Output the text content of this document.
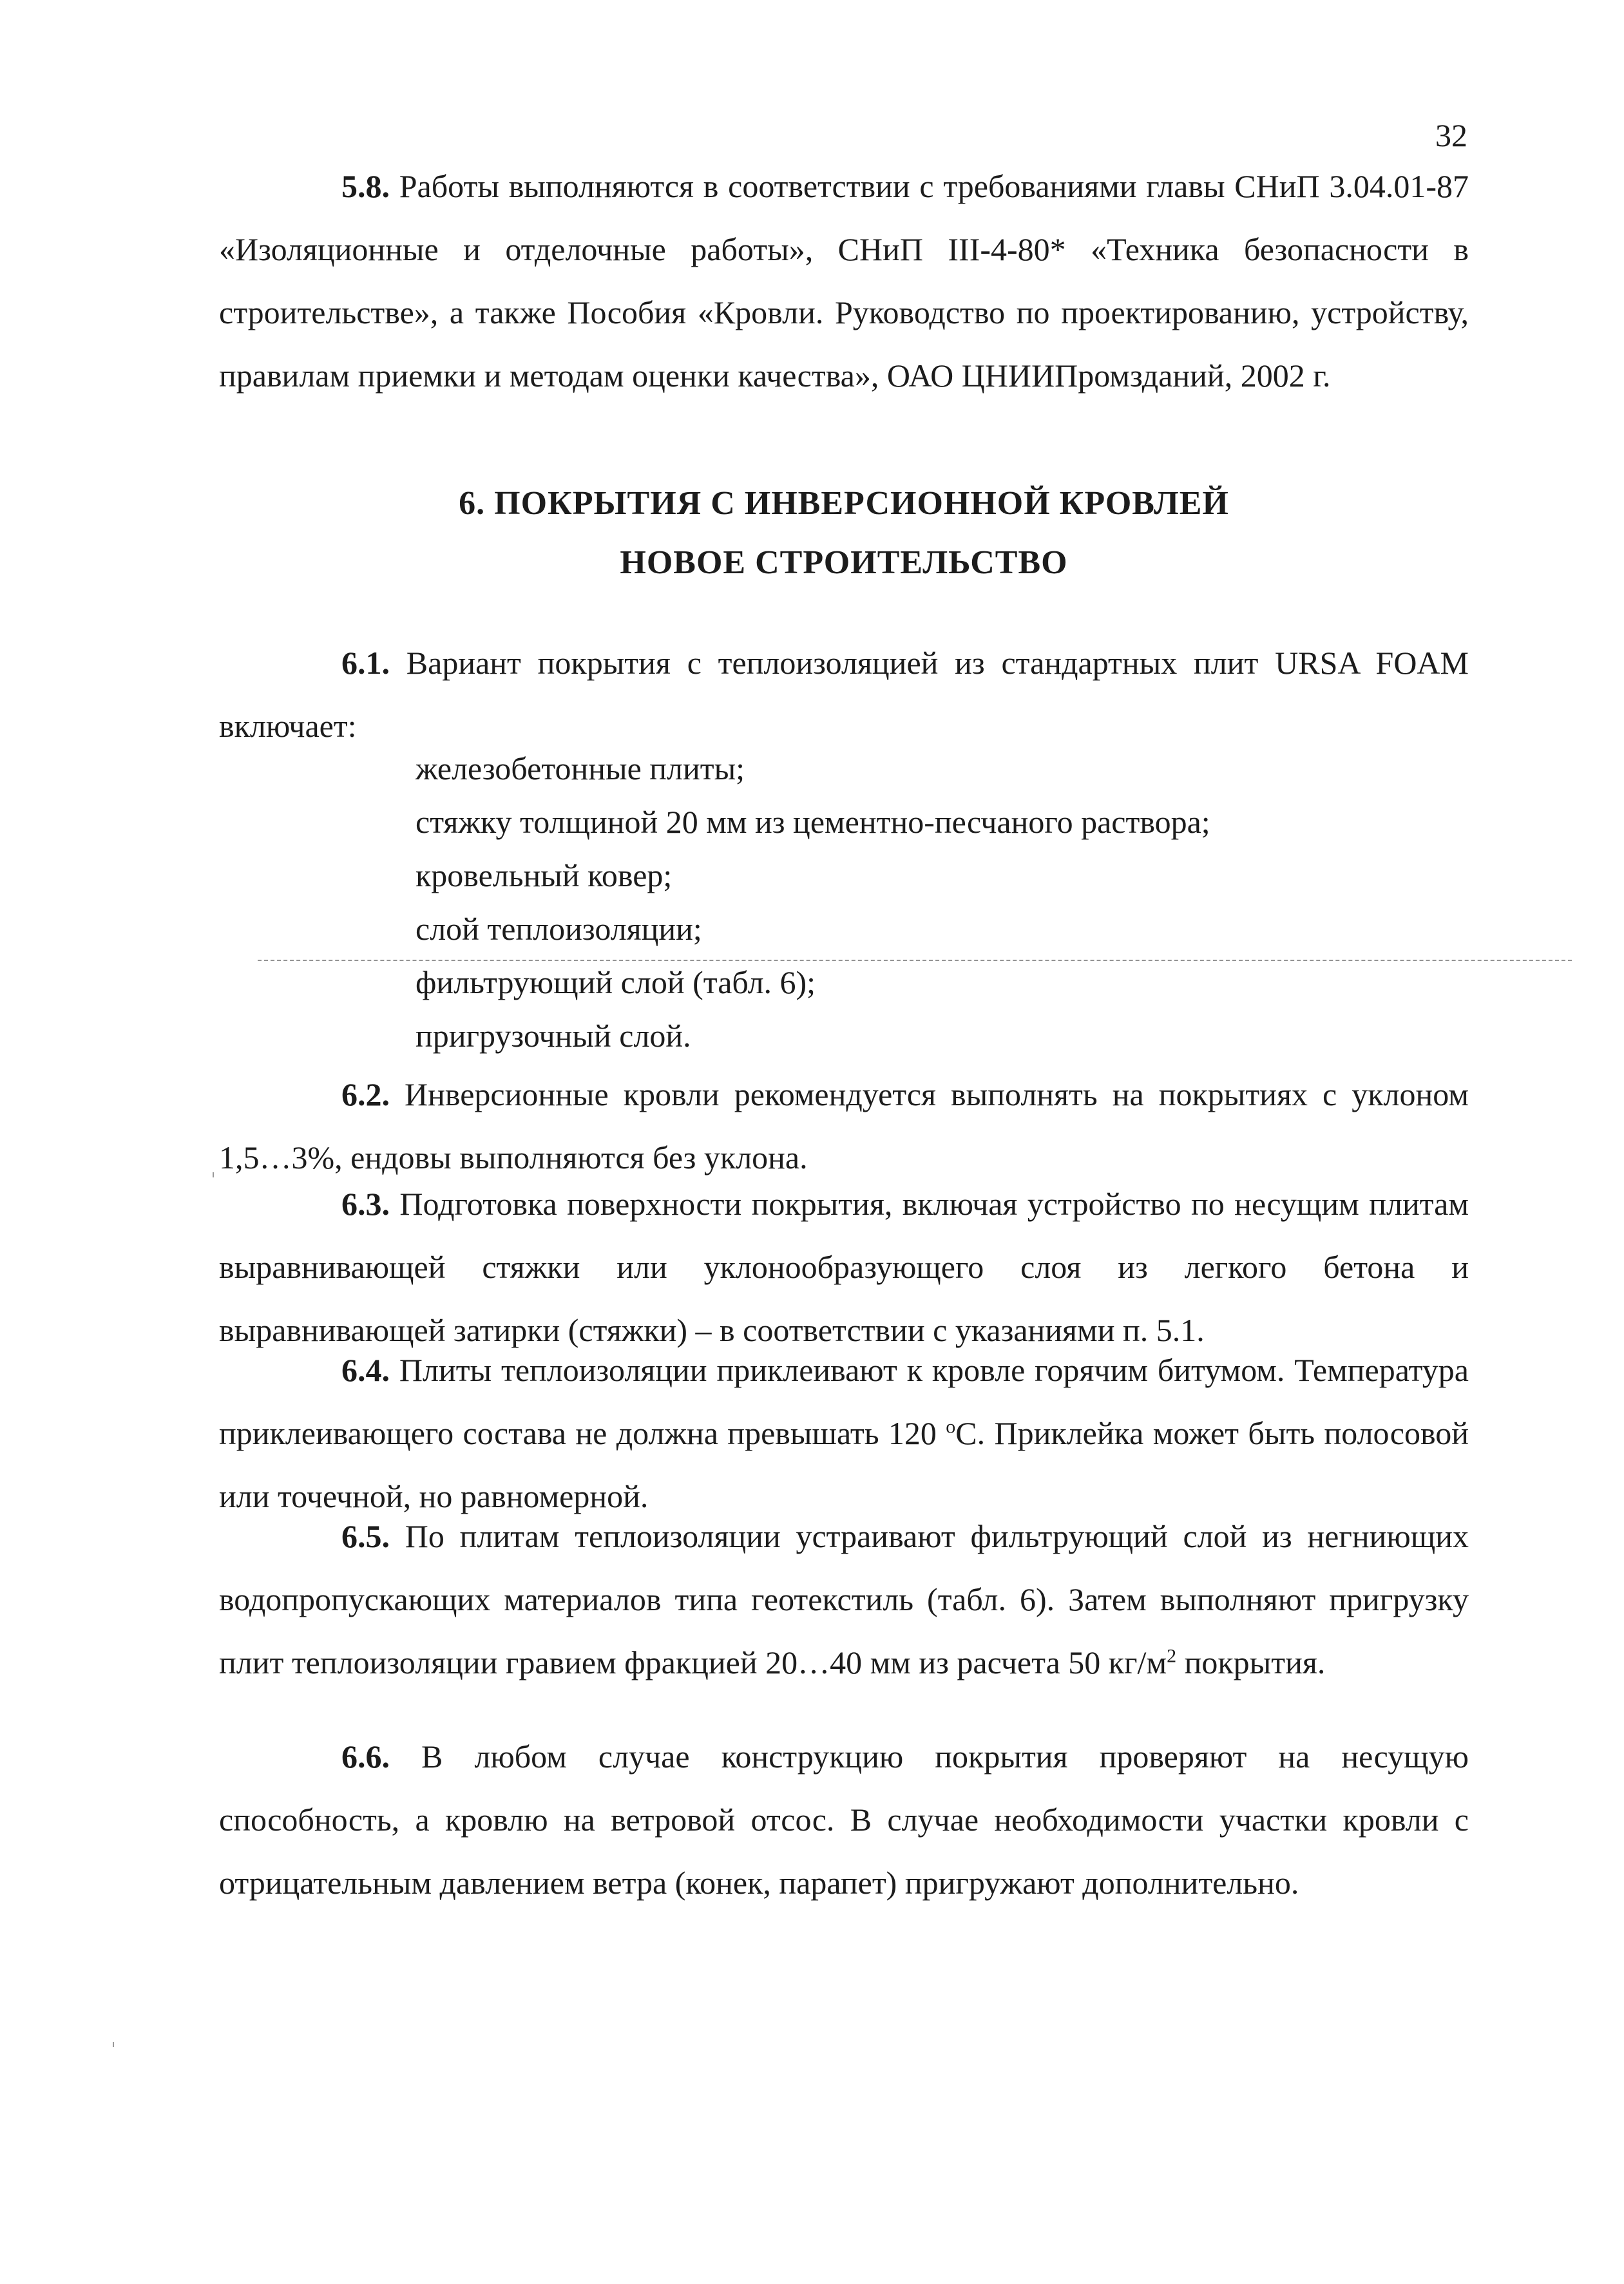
32

5.8. Работы выполняются в соответствии с требованиями главы СНиП 3.04.01-87 «Изоляционные и отделочные работы», СНиП III-4-80* «Техника безопасности в строительстве», а также Пособия «Кровли. Руководство по проектированию, устройству, правилам приемки и методам оценки качества», ОАО ЦНИИПромзданий, 2002 г.

6. ПОКРЫТИЯ С ИНВЕРСИОННОЙ КРОВЛЕЙ
НОВОЕ СТРОИТЕЛЬСТВО

6.1. Вариант покрытия с теплоизоляцией из стандартных плит URSA FOAM включает:

железобетонные плиты;
стяжку толщиной 20 мм из цементно-песчаного раствора;
кровельный ковер;
слой теплоизоляции;
фильтрующий слой (табл. 6);
пригрузочный слой.

6.2. Инверсионные кровли рекомендуется выполнять на покрытиях с уклоном 1,5…3%, ендовы выполняются без уклона.

6.3. Подготовка поверхности покрытия, включая устройство по несущим плитам выравнивающей стяжки или уклонообразующего слоя из легкого бетона и выравнивающей затирки (стяжки) – в соответствии с указаниями п. 5.1.

6.4. Плиты теплоизоляции приклеивают к кровле горячим битумом. Температура приклеивающего состава не должна превышать 120 $^о$С. Приклейка может быть полосовой или точечной, но равномерной.

6.5. По плитам теплоизоляции устраивают фильтрующий слой из негниющих водопропускающих материалов типа геотекстиль (табл. 6). Затем выполняют пригрузку плит теплоизоляции гравием фракцией 20…40 мм из расчета 50 $кг/м^2$ покрытия.

6.6. В любом случае конструкцию покрытия проверяют на несущую способность, а кровлю на ветровой отсос. В случае необходимости участки кровли с отрицательным давлением ветра (конек, парапет) пригружают дополнительно.
